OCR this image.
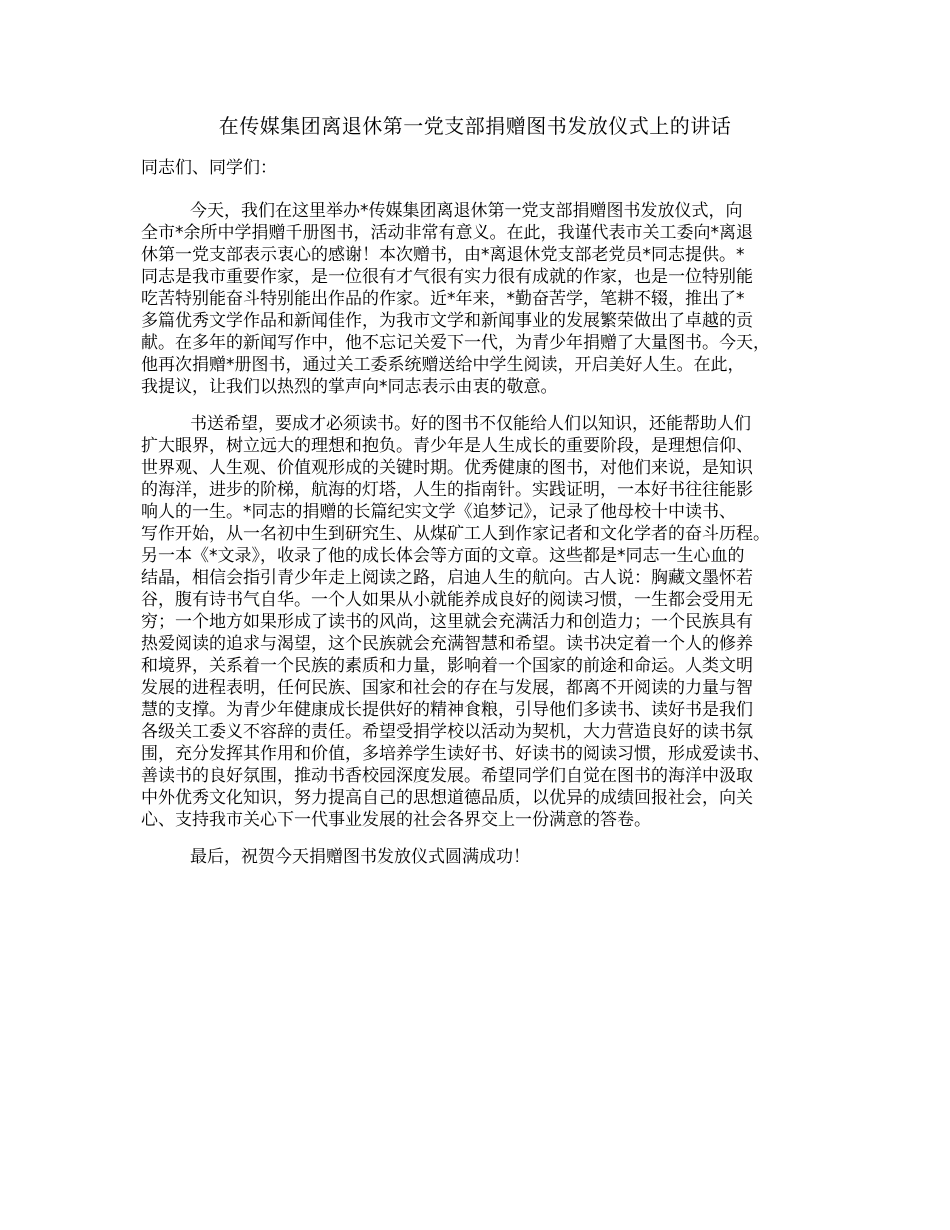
在传媒集团离退休第一党支部捐赠图书发放仪式上的讲话

同志们、同学们：

今天，我们在这里举办*传媒集团离退休第一党支部捐赠图书发放仪式，向
全市*余所中学捐赠千册图书，活动非常有意义。在此，我谨代表市关工委向*离退
休第一党支部表示衷心的感谢！本次赠书，由*离退休党支部老党员*同志提供。*
同志是我市重要作家，是一位很有才气很有实力很有成就的作家，也是一位特别能
吃苦特别能奋斗特别能出作品的作家。近*年来，*勤奋苦学，笔耕不辍，推出了*
多篇优秀文学作品和新闻佳作，为我市文学和新闻事业的发展繁荣做出了卓越的贡
献。在多年的新闻写作中，他不忘记关爱下一代，为青少年捐赠了大量图书。今天，
他再次捐赠*册图书，通过关工委系统赠送给中学生阅读，开启美好人生。在此，
我提议，让我们以热烈的掌声向*同志表示由衷的敬意。
书送希望，要成才必须读书。好的图书不仅能给人们以知识，还能帮助人们
扩大眼界，树立远大的理想和抱负。青少年是人生成长的重要阶段，是理想信仰、
世界观、人生观、价值观形成的关键时期。优秀健康的图书，对他们来说，是知识
的海洋，进步的阶梯，航海的灯塔，人生的指南针。实践证明，一本好书往往能影
响人的一生。*同志的捐赠的长篇纪实文学《追梦记》，记录了他母校十中读书、
写作开始，从一名初中生到研究生、从煤矿工人到作家记者和文化学者的奋斗历程。
另一本《*文录》，收录了他的成长体会等方面的文章。这些都是*同志一生心血的
结晶，相信会指引青少年走上阅读之路，启迪人生的航向。古人说：胸藏文墨怀若
谷，腹有诗书气自华。一个人如果从小就能养成良好的阅读习惯，一生都会受用无
穷；一个地方如果形成了读书的风尚，这里就会充满活力和创造力；一个民族具有
热爱阅读的追求与渴望，这个民族就会充满智慧和希望。读书决定着一个人的修养
和境界，关系着一个民族的素质和力量，影响着一个国家的前途和命运。人类文明
发展的进程表明，任何民族、国家和社会的存在与发展，都离不开阅读的力量与智
慧的支撑。为青少年健康成长提供好的精神食粮，引导他们多读书、读好书是我们
各级关工委义不容辞的责任。希望受捐学校以活动为契机，大力营造良好的读书氛
围，充分发挥其作用和价值，多培养学生读好书、好读书的阅读习惯，形成爱读书、
善读书的良好氛围，推动书香校园深度发展。希望同学们自觉在图书的海洋中汲取
中外优秀文化知识，努力提高自己的思想道德品质，以优异的成绩回报社会，向关
心、支持我市关心下一代事业发展的社会各界交上一份满意的答卷。
最后，祝贺今天捐赠图书发放仪式圆满成功！
